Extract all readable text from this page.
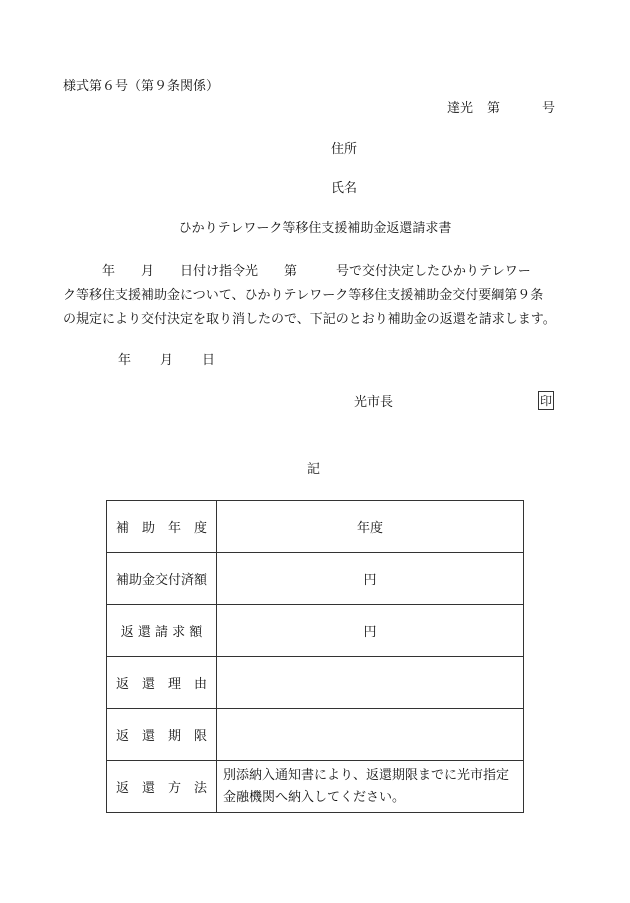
様式第６号（第９条関係）
達光 第	号
住所
氏名
ひかりテレワーク等移住支援補助金返還請求書
　　　年　　月　　日付け指令光　　第　　　号で交付決定したひかりテレワー
ク等移住支援補助金について、ひかりテレワーク等移住支援補助金交付要綱第９条
の規定により交付決定を取り消したので、下記のとおり補助金の返還を請求します。
年 月 日
光市長	印
記
補　助　年　度	年度
補助金交付済額	円
返 還 請 求 額	円
返　還　理　由	
返　還　期　限	
返　還　方　法	別添納入通知書により、返還期限までに光市指定
金融機関へ納入してください。
